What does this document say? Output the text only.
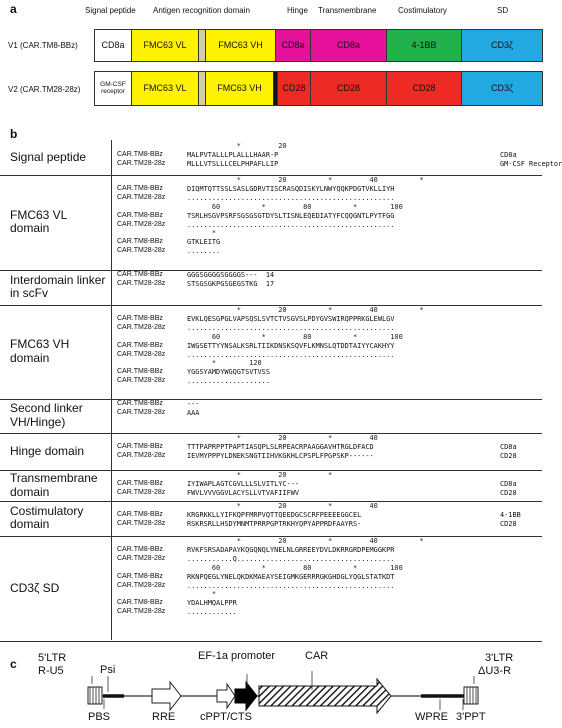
a	Signal peptide Antigen recognition domain	Hinge Transmembrane	Costimulatory	SD
V1 (CAR.TM8-BBz)	CD8a	FMC63 VL	FMC63 VH	CD8a	CD8a	4-1BB	CD3ζ
V2 (CAR.TM28-28z)
GM-CSF receptor	FMC63 VL	FMC63 VH	CD28	CD28	CD28	CD3ζ
b
Signal peptide
*         20
CAR.TM8-BBz	MALPVTALLLPLALLLHAAR-P	CD8a
CAR.TM28-28z	MLLLVTSLLLCELPHPAFLLIP	GM-CSF Receptor
FMC63 VL domain
*         20          *         40          *
CAR.TM8-BBz	DIQMTQTTSSLSASLGDRVTISCRASQDISKYLNWYQQKPDGTVKLLIYH
CAR.TM28-28z	..................................................
60          *         80          *        100
CAR.TM8-BBz	TSRLHSGVPSRFSGSGSGTDYSLTISNLEQEDIATYFCQQGNTLPYTFGG
CAR.TM28-28z	..................................................
*
CAR.TM8-BBz	GTKLEITG
CAR.TM28-28z	........
Interdomain linker in scFv
CAR.TM8-BBz	GGGSGGGGSGGGGS---  14
CAR.TM28-28z	STSGSGKPGSGEGSTKG  17
FMC63 VH domain
*         20          *         40          *
CAR.TM8-BBz	EVKLQESGPGLVAPSQSLSVTCTVSGVSLPDYGVSWIRQPPRKGLEWLGV
CAR.TM28-28z	..................................................
60          *         80          *        100
CAR.TM8-BBz	IWGSETTYYNSALKSRLTIIKDNSKSQVFLKMNSLQTDDTAIYYCAKHYY
CAR.TM28-28z	..................................................
*        120
CAR.TM8-BBz	YGGSYAMDYWGQGTSVTVSS
CAR.TM28-28z	....................
Second linker VH/Hinge)
CAR.TM8-BBz	---
CAR.TM28-28z	AAA
Hinge domain
*         20          *         40
CAR.TM8-BBz	TTTPAPRPPTPAPTIASQPLSLRPEACRPAAGGAVHTRGLDFACD	CD8a
CAR.TM28-28z	IEVMYPPPYLDNEKSNGTIIHVKGKHLCPSPLFPGPSKP------	CD28
Transmembrane domain
*         20          *
CAR.TM8-BBz	IYIWAPLAGTCGVLLLSLVITLYC---	CD8a
CAR.TM28-28z	FWVLVVVGGVLACYSLLVTVAFIIFWV	CD28
Costimulatory domain
*         20          *         40
CAR.TM8-BBz	KRGRKKLLYIFKQPFMRPVQTTQEEDGCSCRFPEEEEGGCEL	4-1BB
CAR.TM28-28z	RSKRSRLLHSDYMNMTPRRPGPTRKHYQPYAPPRDFAAYRS-	CD28
CD3ζ SD
*         20          *         40          *
CAR.TM8-BBz	RVKFSRSADAPAYKQGQNQLYNELNLGRREEYDVLDKRRGRDPEMGGKPR
CAR.TM28-28z	...........Q......................................
60          *         80          *        100
CAR.TM8-BBz	RKNPQEGLYNELQKDKMAEAYSEIGMKGERRRGKGHDGLYQGLSTATKDT
CAR.TM28-28z	..................................................
*
CAR.TM8-BBz	YDALHMQALPPR
CAR.TM28-28z	............
c 5'LTR
R-U5	Psi
EF-1a promoter	CAR	3'LTR
ΔU3-R
PBS	RRE cPPT/CTS	WPRE 3'PPT
